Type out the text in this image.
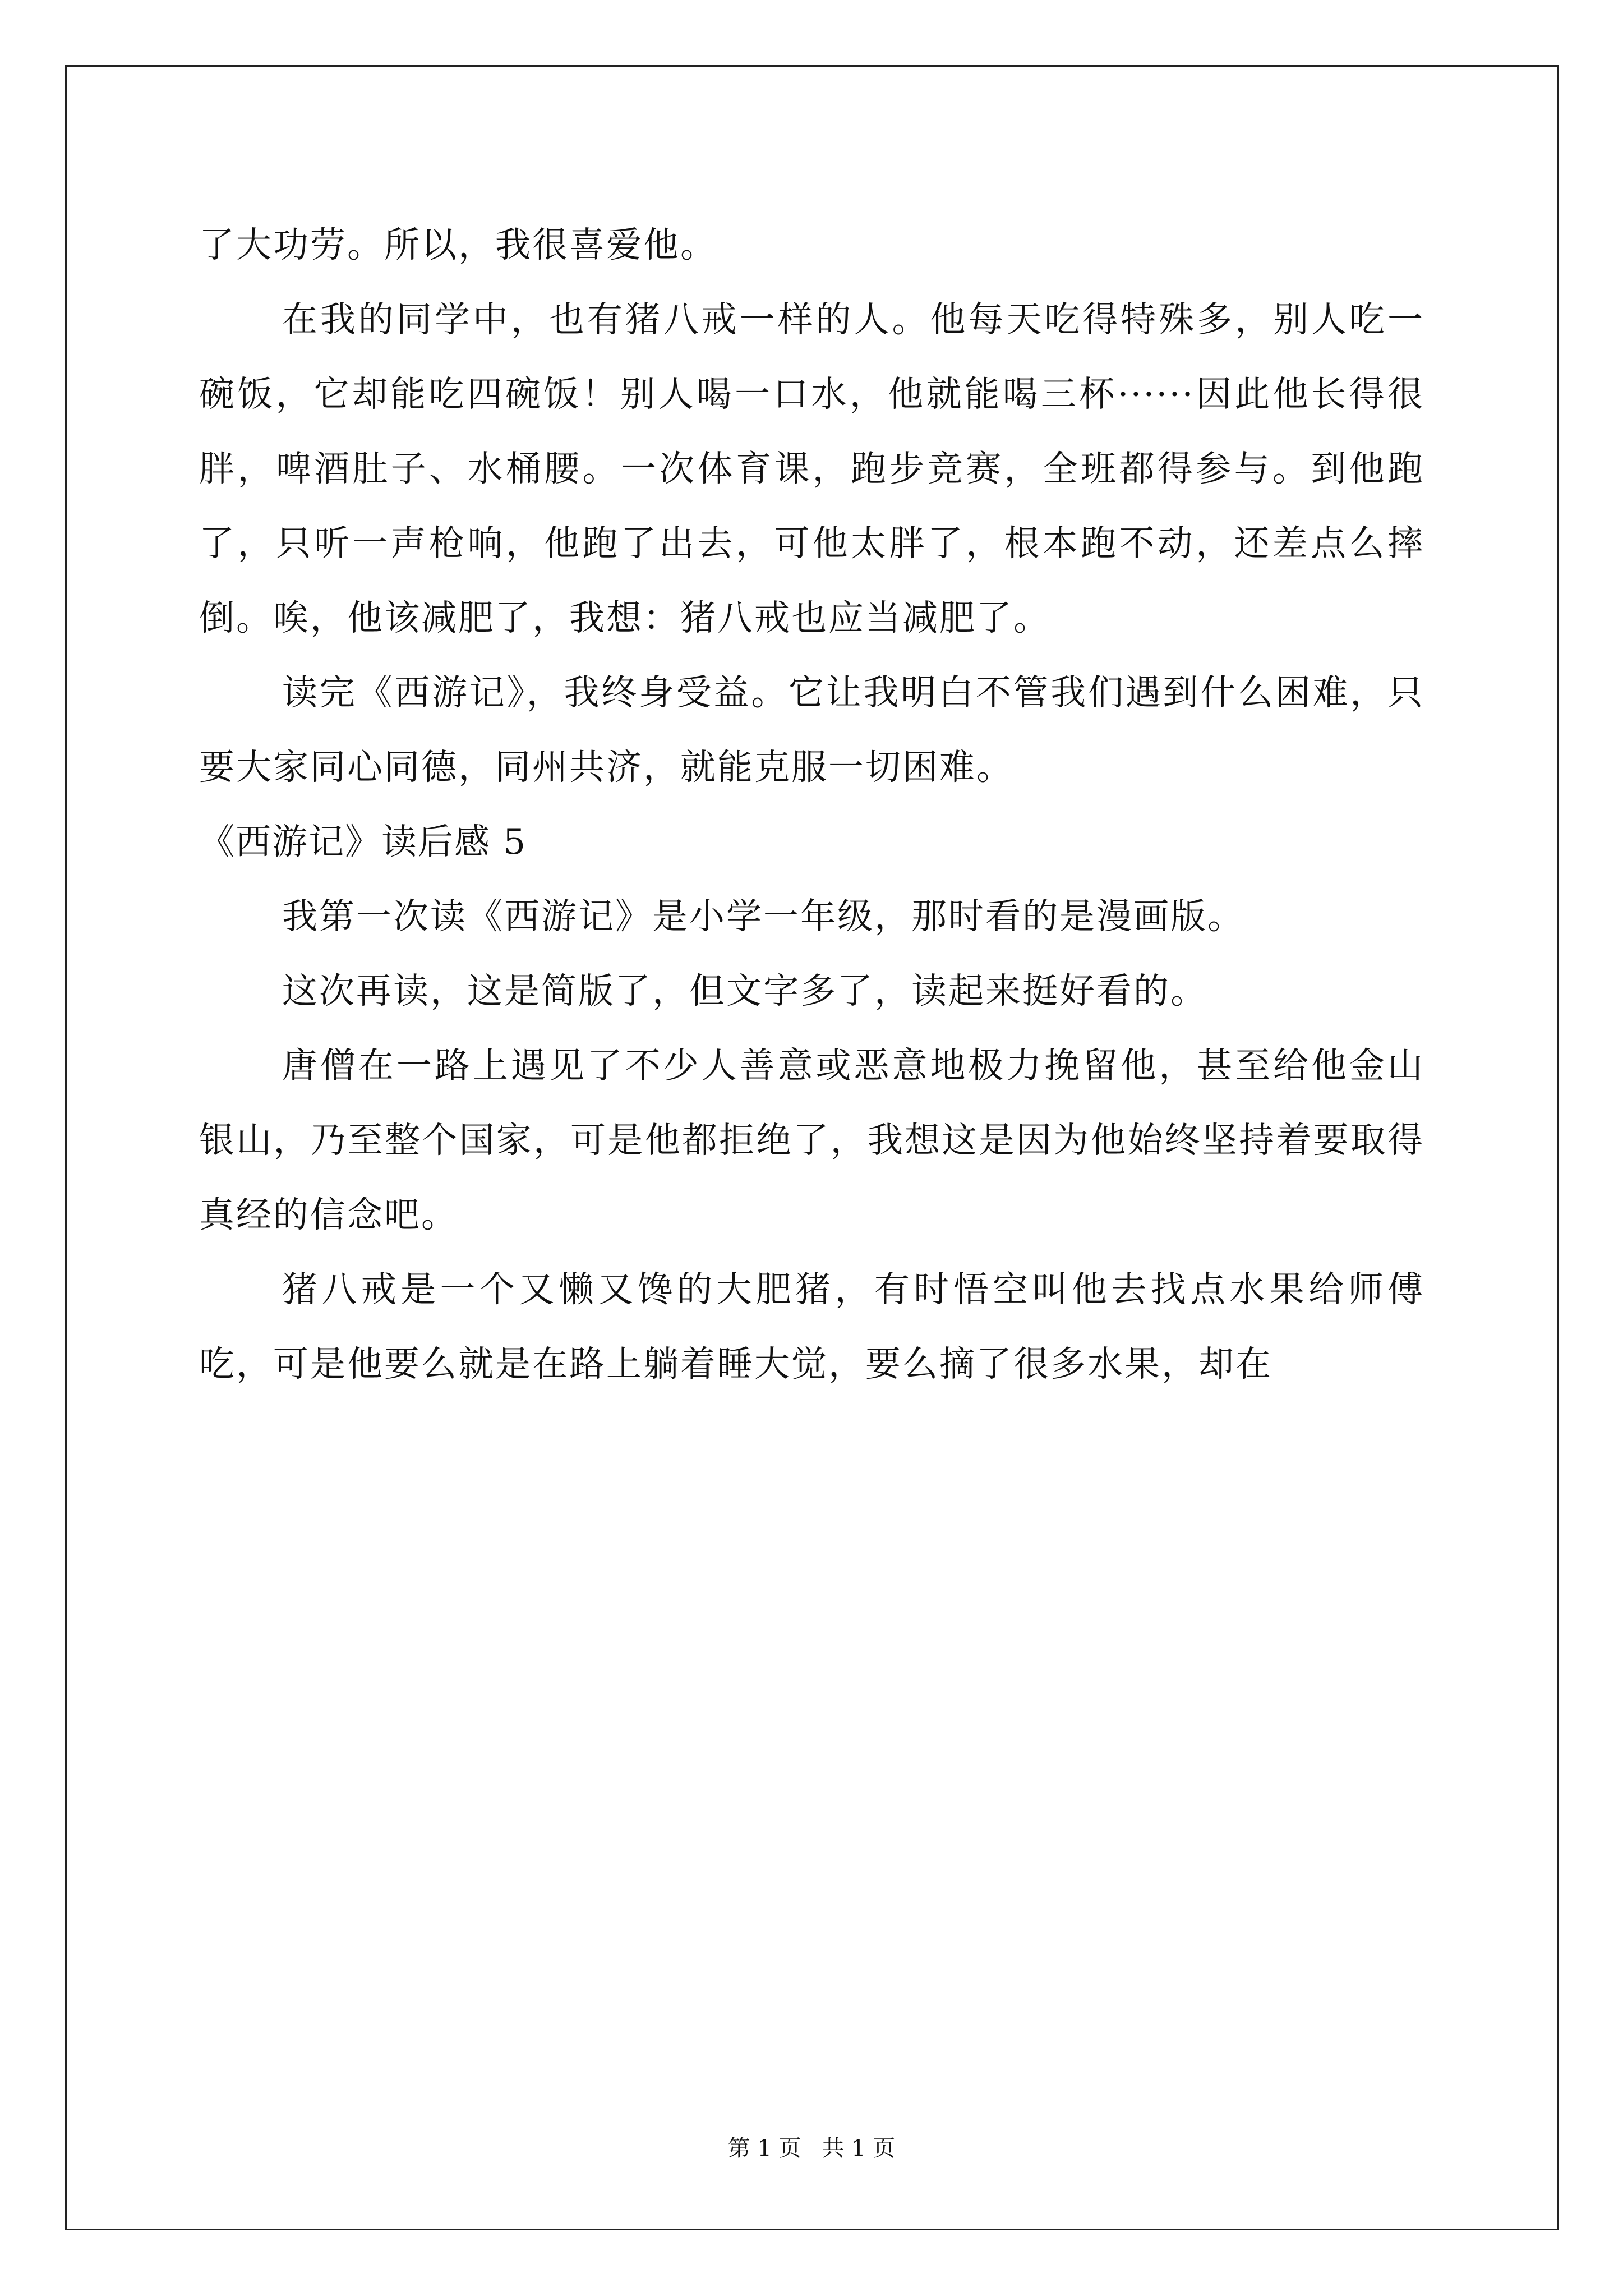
了大功劳。所以，我很喜爱他。

在我的同学中，也有猪八戒一样的人。他每天吃得特殊多，别人吃一碗饭，它却能吃四碗饭！别人喝一口水，他就能喝三杯······因此他长得很胖，啤酒肚子、水桶腰。一次体育课，跑步竞赛，全班都得参与。到他跑了，只听一声枪响，他跑了出去，可他太胖了，根本跑不动，还差点么摔倒。唉，他该减肥了，我想：猪八戒也应当减肥了。

读完《西游记》，我终身受益。它让我明白不管我们遇到什么困难，只要大家同心同德，同州共济，就能克服一切困难。

《西游记》读后感 5

我第一次读《西游记》是小学一年级，那时看的是漫画版。

这次再读，这是简版了，但文字多了，读起来挺好看的。

唐僧在一路上遇见了不少人善意或恶意地极力挽留他，甚至给他金山银山，乃至整个国家，可是他都拒绝了，我想这是因为他始终坚持着要取得真经的信念吧。

猪八戒是一个又懒又馋的大肥猪，有时悟空叫他去找点水果给师傅吃，可是他要么就是在路上躺着睡大觉，要么摘了很多水果，却在

第 1 页 共 1 页
